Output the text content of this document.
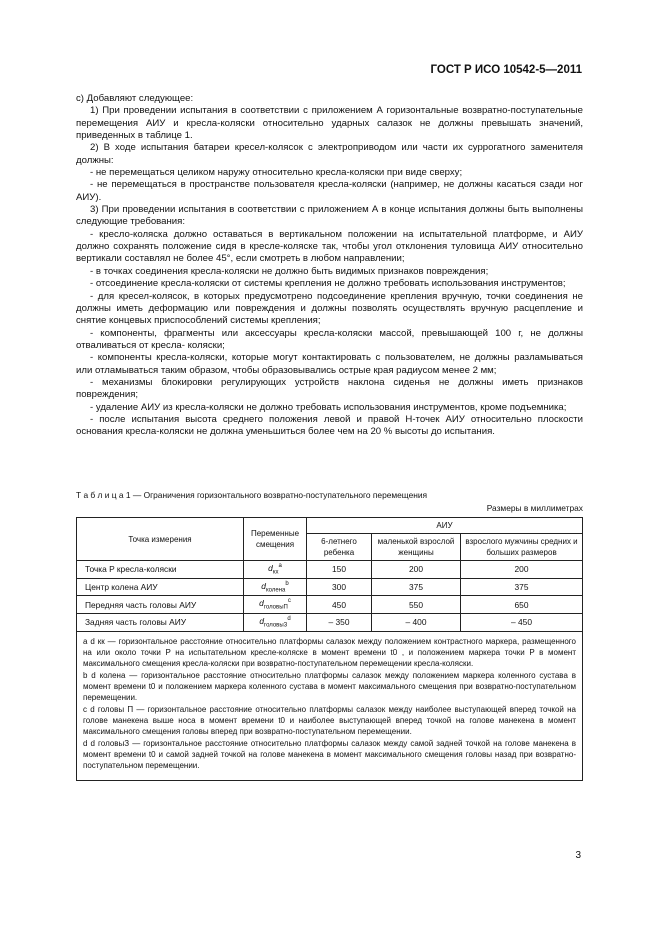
ГОСТ Р ИСО 10542-5—2011

с) Добавляют следующее:

1) При проведении испытания в соответствии с приложением А горизонтальные возвратно-поступательные перемещения АИУ и кресла-коляски относительно ударных салазок не должны превышать значений, приведенных в таблице 1.

2) В ходе испытания батареи кресел-колясок с электроприводом или части их суррогатного заменителя должны:

- не перемещаться целиком наружу относительно кресла-коляски при виде сверху;

- не перемещаться в пространстве пользователя кресла-коляски (например, не должны касаться сзади ног АИУ).

3) При проведении испытания в соответствии с приложением А в конце испытания должны быть выполнены следующие требования:

- кресло-коляска должно оставаться в вертикальном положении на испытательной платформе, и АИУ должно сохранять положение сидя в кресле-коляске так, чтобы угол отклонения туловища АИУ относительно вертикали составлял не более 45°, если смотреть в любом направлении;

- в точках соединения кресла-коляски не должно быть видимых признаков повреждения;

- отсоединение кресла-коляски от системы крепления не должно требовать использования инструментов;

- для кресел-колясок, в которых предусмотрено подсоединение крепления вручную, точки соединения не должны иметь деформацию или повреждения и должны позволять осуществлять вручную расцепление и снятие концевых приспособлений системы крепления;

- компоненты, фрагменты или аксессуары кресла-коляски массой, превышающей 100 г, не должны отваливаться от кресла- коляски;

- компоненты кресла-коляски, которые могут контактировать с пользователем, не должны разламываться или отламываться таким образом, чтобы образовывались острые края радиусом менее 2 мм;

- механизмы блокировки регулирующих устройств наклона сиденья не должны иметь признаков повреждения;

- удаление АИУ из кресла-коляски не должно требовать использования инструментов, кроме подъемника;

- после испытания высота среднего положения левой и правой H-точек АИУ относительно плоскости основания кресла-коляски не должна уменьшиться более чем на 20 % высоты до испытания.

Т а б л и ц а 1 — Ограничения горизонтального возвратно-поступательного перемещения
Размеры в миллиметрах
Точка измерения	Переменные смещения	АИУ		
		6-летнего ребенка	маленькой взрослой женщины	взрослого мужчины средних и больших размеров
Точка P кресла-коляски	$d_{кх}^a$	150	200	200
Центр колена АИУ	$d_{колена}^b$	300	375	375
Передняя часть головы АИУ	$d_{головыП}^c$	450	550	650
Задняя часть головы АИУ	$d_{головыЗ}^d$	– 350	– 400	– 450

a d кк — горизонтальное расстояние относительно платформы салазок между положением контрастного маркера, размещенного на или около точки P на испытательном кресле-коляске в момент времени t0 , и положением маркера точки P в момент максимального смещения кресла-коляски при возвратно-поступательном перемещении кресла-коляски.

b d колена — горизонтальное расстояние относительно платформы салазок между положением маркера коленного сустава в момент времени t0 и положением маркера коленного сустава в момент максимального смещения при возвратно-поступательном перемещении.

c d головы П — горизонтальное расстояние относительно платформы салазок между наиболее выступающей вперед точкой на голове манекена выше носа в момент времени t0 и наиболее выступающей вперед точкой на голове манекена в момент максимального смещения головы вперед при возвратно-поступательном перемещении.

d d головыЗ — горизонтальное расстояние относительно платформы салазок между самой задней точкой на голове манекена в момент времени t0 и самой задней точкой на голове манекена в момент максимального смещения головы назад при возвратно-поступательном перемещении.				

3
